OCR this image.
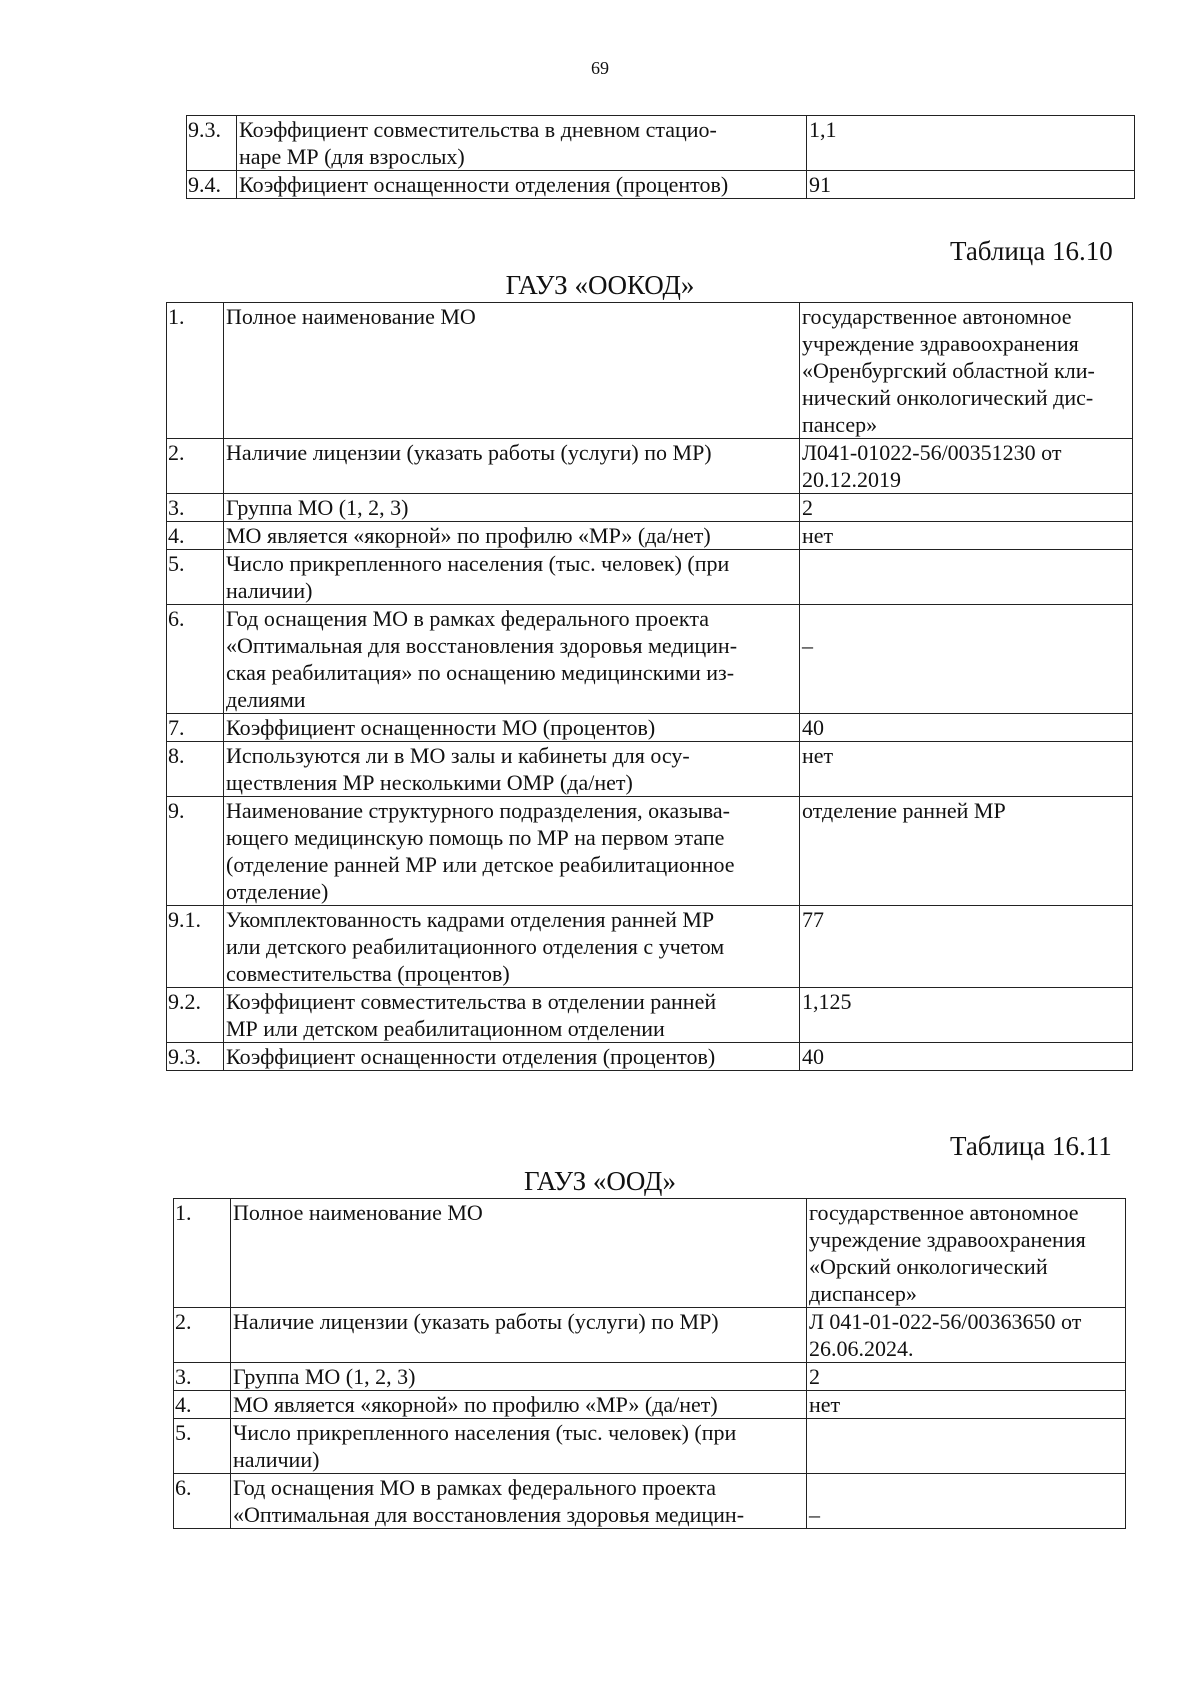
69
9.3.	Коэффициент совместительства в дневном стацио-
наре МР (для взрослых)	1,1

9.4.	Коэффициент оснащенности отделения (процентов)	91
Таблица 16.10
ГАУЗ «ООКОД»
1.	Полное наименование МО	государственное автономное
учреждение здравоохранения
«Оренбургский областной кли-
нический онкологический дис-
пансер»

2.	Наличие лицензии (указать работы (услуги) по МР)	Л041-01022-56/00351230 от
20.12.2019

3.	Группа МО (1, 2, 3)	2

4.	МО является «якорной» по профилю «МР» (да/нет)	нет

5.	Число прикрепленного населения (тыс. человек) (при
наличии)	

6.	Год оснащения МО в рамках федерального проекта
«Оптимальная для восстановления здоровья медицин-
ская реабилитация» по оснащению медицинскими из-
делиями	–

7.	Коэффициент оснащенности МО (процентов)	40

8.	Используются ли в МО залы и кабинеты для осу-
ществления МР несколькими ОМР (да/нет)	нет

9.	Наименование структурного подразделения, оказыва-
ющего медицинскую помощь по МР на первом этапе
(отделение ранней МР или детское реабилитационное
отделение)	отделение ранней МР

9.1.	Укомплектованность кадрами отделения ранней МР
или детского реабилитационного отделения с учетом
совместительства (процентов)	77

9.2.	Коэффициент совместительства в отделении ранней
МР или детском реабилитационном отделении	1,125

9.3.	Коэффициент оснащенности отделения (процентов)	40
Таблица 16.11
ГАУЗ «ООД»
1.	Полное наименование МО	государственное автономное
учреждение здравоохранения
«Орский онкологический
диспансер»

2.	Наличие лицензии (указать работы (услуги) по МР)	Л 041-01-022-56/00363650 от
26.06.2024.

3.	Группа МО (1, 2, 3)	2

4.	МО является «якорной» по профилю «МР» (да/нет)	нет

5.	Число прикрепленного населения (тыс. человек) (при
наличии)	

6.	Год оснащения МО в рамках федерального проекта
«Оптимальная для восстановления здоровья медицин-	–
